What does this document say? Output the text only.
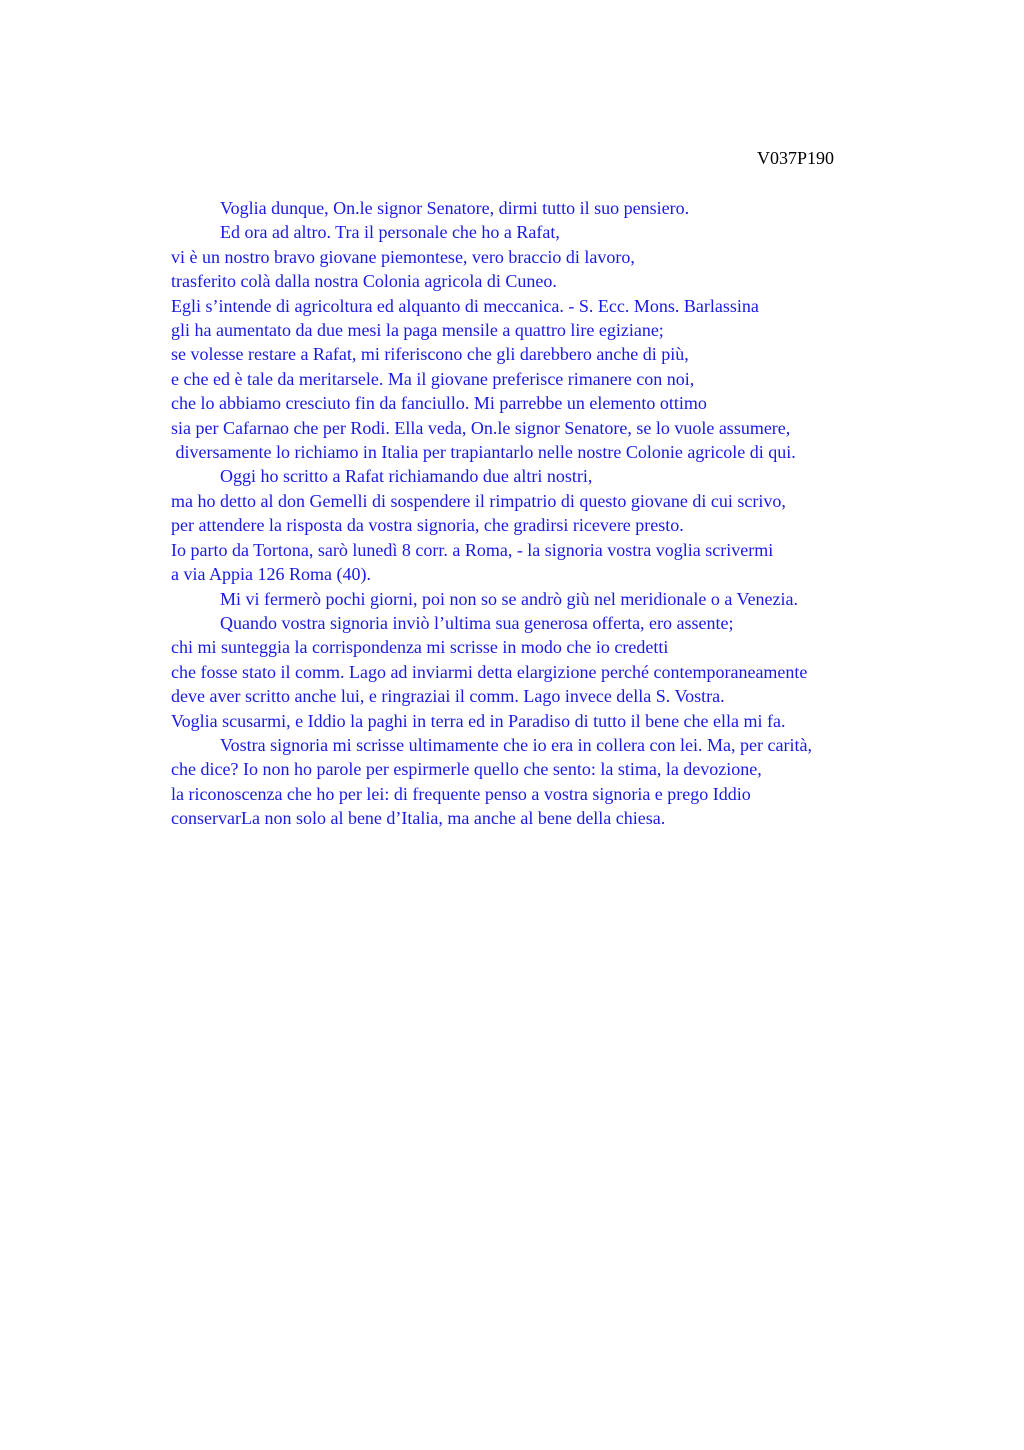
V037P190
Voglia dunque, On.le signor Senatore, dirmi tutto il suo pensiero.
Ed ora ad altro. Tra il personale che ho a Rafat,
vi è un nostro bravo giovane piemontese, vero braccio di lavoro,
trasferito colà dalla nostra Colonia agricola di Cuneo.
Egli s’intende di agricoltura ed alquanto di meccanica. - S. Ecc. Mons. Barlassina
gli ha aumentato da due mesi la paga mensile a quattro lire egiziane;
se volesse restare a Rafat, mi riferiscono che gli darebbero anche di più,
e che ed è tale da meritarsele. Ma il giovane preferisce rimanere con noi,
che lo abbiamo cresciuto fin da fanciullo. Mi parrebbe un elemento ottimo
sia per Cafarnao che per Rodi. Ella veda, On.le signor Senatore, se lo vuole assumere,
diversamente lo richiamo in Italia per trapiantarlo nelle nostre Colonie agricole di qui.
Oggi ho scritto a Rafat richiamando due altri nostri,
ma ho detto al don Gemelli di sospendere il rimpatrio di questo giovane di cui scrivo,
per attendere la risposta da vostra signoria, che gradirsi ricevere presto.
Io parto da Tortona, sarò lunedì 8 corr. a Roma, - la signoria vostra voglia scrivermi
a via Appia 126 Roma (40).
Mi vi fermerò pochi giorni, poi non so se andrò giù nel meridionale o a Venezia.
Quando vostra signoria inviò l’ultima sua generosa offerta, ero assente;
chi mi sunteggia la corrispondenza mi scrisse in modo che io credetti
che fosse stato il comm. Lago ad inviarmi detta elargizione perché contemporaneamente
deve aver scritto anche lui, e ringraziai il comm. Lago invece della S. Vostra.
Voglia scusarmi, e Iddio la paghi in terra ed in Paradiso di tutto il bene che ella mi fa.
Vostra signoria mi scrisse ultimamente che io era in collera con lei. Ma, per carità,
che dice? Io non ho parole per espirmerle quello che sento: la stima, la devozione,
la riconoscenza che ho per lei: di frequente penso a vostra signoria e prego Iddio
conservarLa non solo al bene d’Italia, ma anche al bene della chiesa.
